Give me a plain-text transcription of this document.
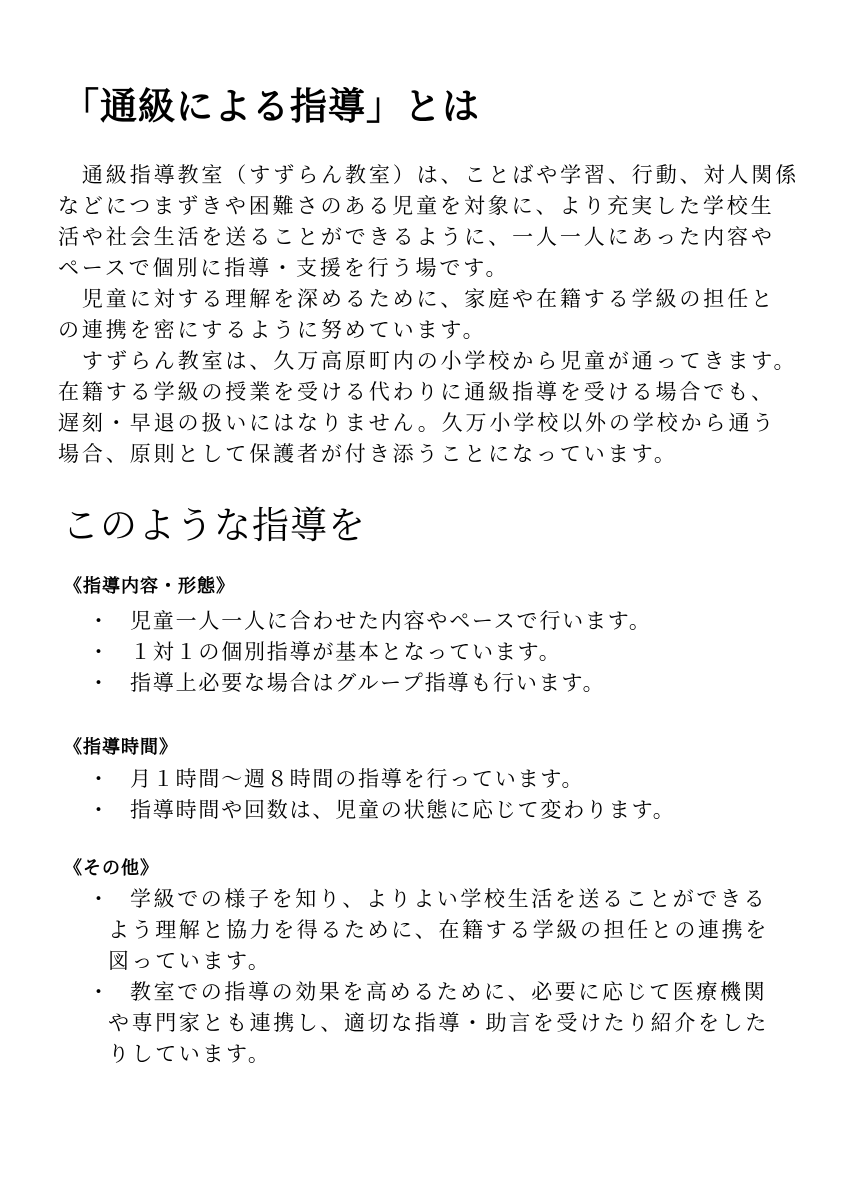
「通級による指導」とは
　通級指導教室（すずらん教室）は、ことばや学習、行動、対人関係
などにつまずきや困難さのある児童を対象に、より充実した学校生
活や社会生活を送ることができるように、一人一人にあった内容や
ペースで個別に指導・支援を行う場です。
　児童に対する理解を深めるために、家庭や在籍する学級の担任と
の連携を密にするように努めています。
　すずらん教室は、久万高原町内の小学校から児童が通ってきます。
在籍する学級の授業を受ける代わりに通級指導を受ける場合でも、
遅刻・早退の扱いにはなりません。久万小学校以外の学校から通う
場合、原則として保護者が付き添うことになっています。
このような指導を
《指導内容・形態》
・	児童一人一人に合わせた内容やペースで行います。
・	１対１の個別指導が基本となっています。
・	指導上必要な場合はグループ指導も行います。
《指導時間》
・	月１時間～週８時間の指導を行っています。
・	指導時間や回数は、児童の状態に応じて変わります。
《その他》
・	学級での様子を知り、よりよい学校生活を送ることができる
よう理解と協力を得るために、在籍する学級の担任との連携を
図っています。
・	教室での指導の効果を高めるために、必要に応じて医療機関
や専門家とも連携し、適切な指導・助言を受けたり紹介をした
りしています。
